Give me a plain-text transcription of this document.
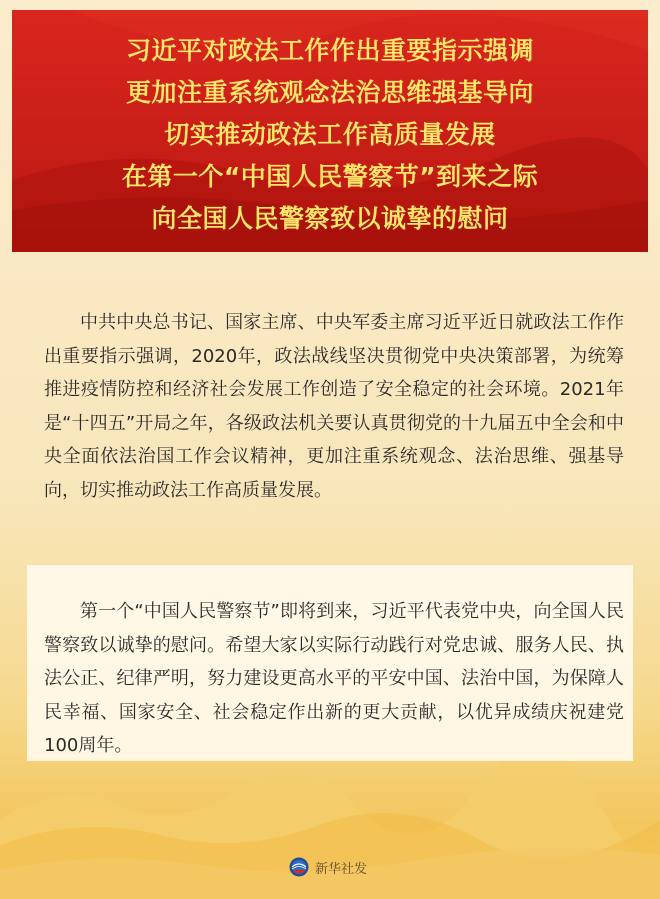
习近平对政法工作作出重要指示强调
更加注重系统观念法治思维强基导向
切实推动政法工作高质量发展
在第一个“中国人民警察节”到来之际
向全国人民警察致以诚挚的慰问

中共中央总书记、国家主席、中央军委主席习近平近日就政法工作作出重要指示强调，2020年，政法战线坚决贯彻党中央决策部署，为统筹推进疫情防控和经济社会发展工作创造了安全稳定的社会环境。2021年是“十四五”开局之年，各级政法机关要认真贯彻党的十九届五中全会和中央全面依法治国工作会议精神，更加注重系统观念、法治思维、强基导向，切实推动政法工作高质量发展。

第一个“中国人民警察节”即将到来，习近平代表党中央，向全国人民警察致以诚挚的慰问。希望大家以实际行动践行对党忠诚、服务人民、执法公正、纪律严明，努力建设更高水平的平安中国、法治中国，为保障人民幸福、国家安全、社会稳定作出新的更大贡献，以优异成绩庆祝建党100周年。

新华社发
